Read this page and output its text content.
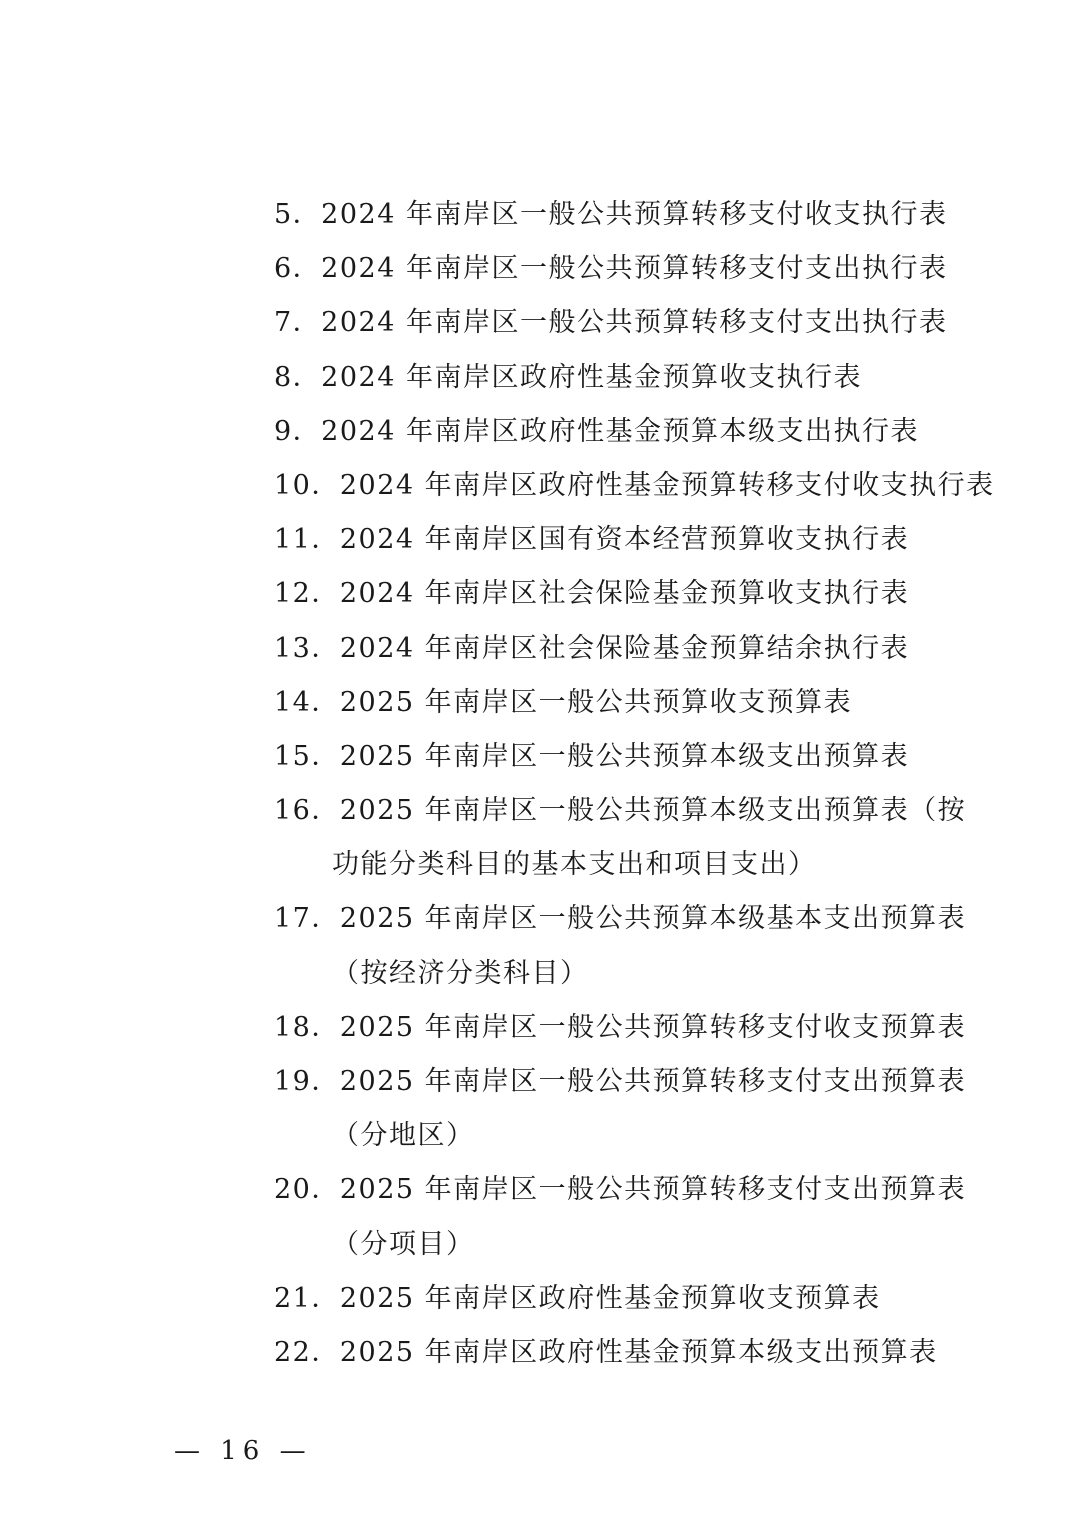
5．2024 年南岸区一般公共预算转移支付收支执行表
6．2024 年南岸区一般公共预算转移支付支出执行表
7．2024 年南岸区一般公共预算转移支付支出执行表
8．2024 年南岸区政府性基金预算收支执行表
9．2024 年南岸区政府性基金预算本级支出执行表
10．2024 年南岸区政府性基金预算转移支付收支执行表
11．2024 年南岸区国有资本经营预算收支执行表
12．2024 年南岸区社会保险基金预算收支执行表
13．2024 年南岸区社会保险基金预算结余执行表
14．2025 年南岸区一般公共预算收支预算表
15．2025 年南岸区一般公共预算本级支出预算表
16．2025 年南岸区一般公共预算本级支出预算表（按
功能分类科目的基本支出和项目支出）
17．2025 年南岸区一般公共预算本级基本支出预算表
（按经济分类科目）
18．2025 年南岸区一般公共预算转移支付收支预算表
19．2025 年南岸区一般公共预算转移支付支出预算表
（分地区）
20．2025 年南岸区一般公共预算转移支付支出预算表
（分项目）
21．2025 年南岸区政府性基金预算收支预算表
22．2025 年南岸区政府性基金预算本级支出预算表
— 16 —
